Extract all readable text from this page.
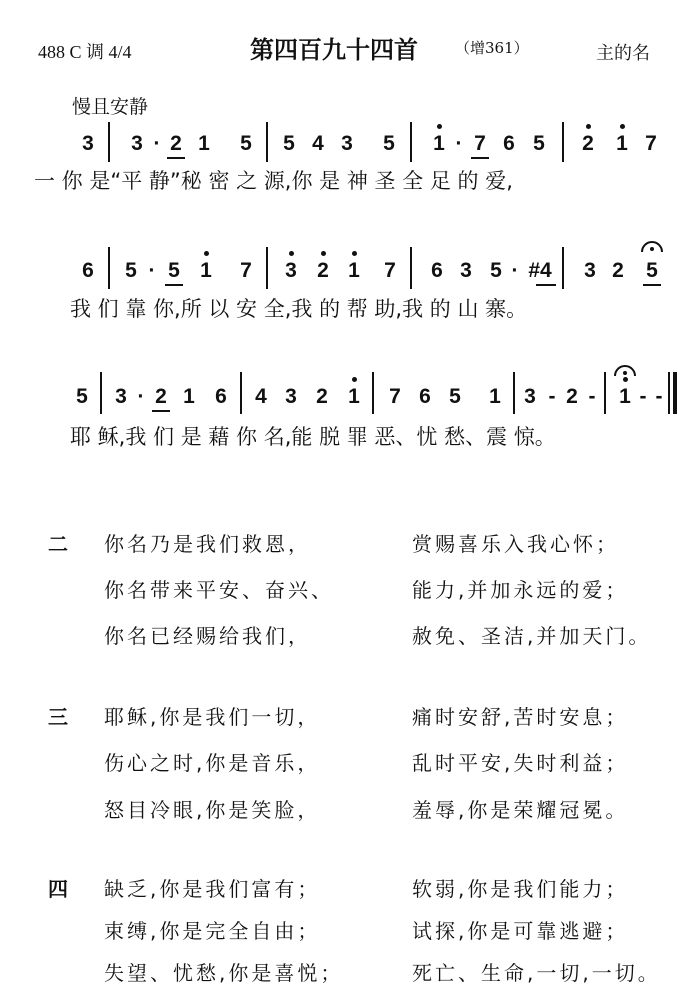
488 C 调 4/4	第四百九十四首 （增361）	主的名
慢且安静
3 3 · 2 1 5 5 4 3 5 1 · 7 6 5 2 1 7
一 你 是“平 静”秘 密 之 源,你 是 神 圣 全 足 的 爱,
6 5 · 5 1 7 3 2 1 7 6 3 5 · #4 3 2 5
我 们 靠 你,所 以 安 全,我 的 帮 助,我 的 山 寨。
5 3 · 2 1 6 4 3 2 1 7 6 5 1 3 - 2 - 1 - -
耶 稣,我 们 是 藉 你 名,能 脱 罪 恶、忧 愁、震 惊。
二 你名乃是我们救恩，	赏赐喜乐入我心怀；
你名带来平安、奋兴、	能力,并加永远的爱；
你名已经赐给我们，	赦免、圣洁,并加天门。
三 耶稣,你是我们一切，	痛时安舒,苦时安息；
伤心之时,你是音乐，	乱时平安,失时利益；
怒目冷眼,你是笑脸，	羞辱,你是荣耀冠冕。
四 缺乏,你是我们富有；	软弱,你是我们能力；
束缚,你是完全自由；	试探,你是可靠逃避；
失望、忧愁,你是喜悦；	死亡、生命,一切,一切。
